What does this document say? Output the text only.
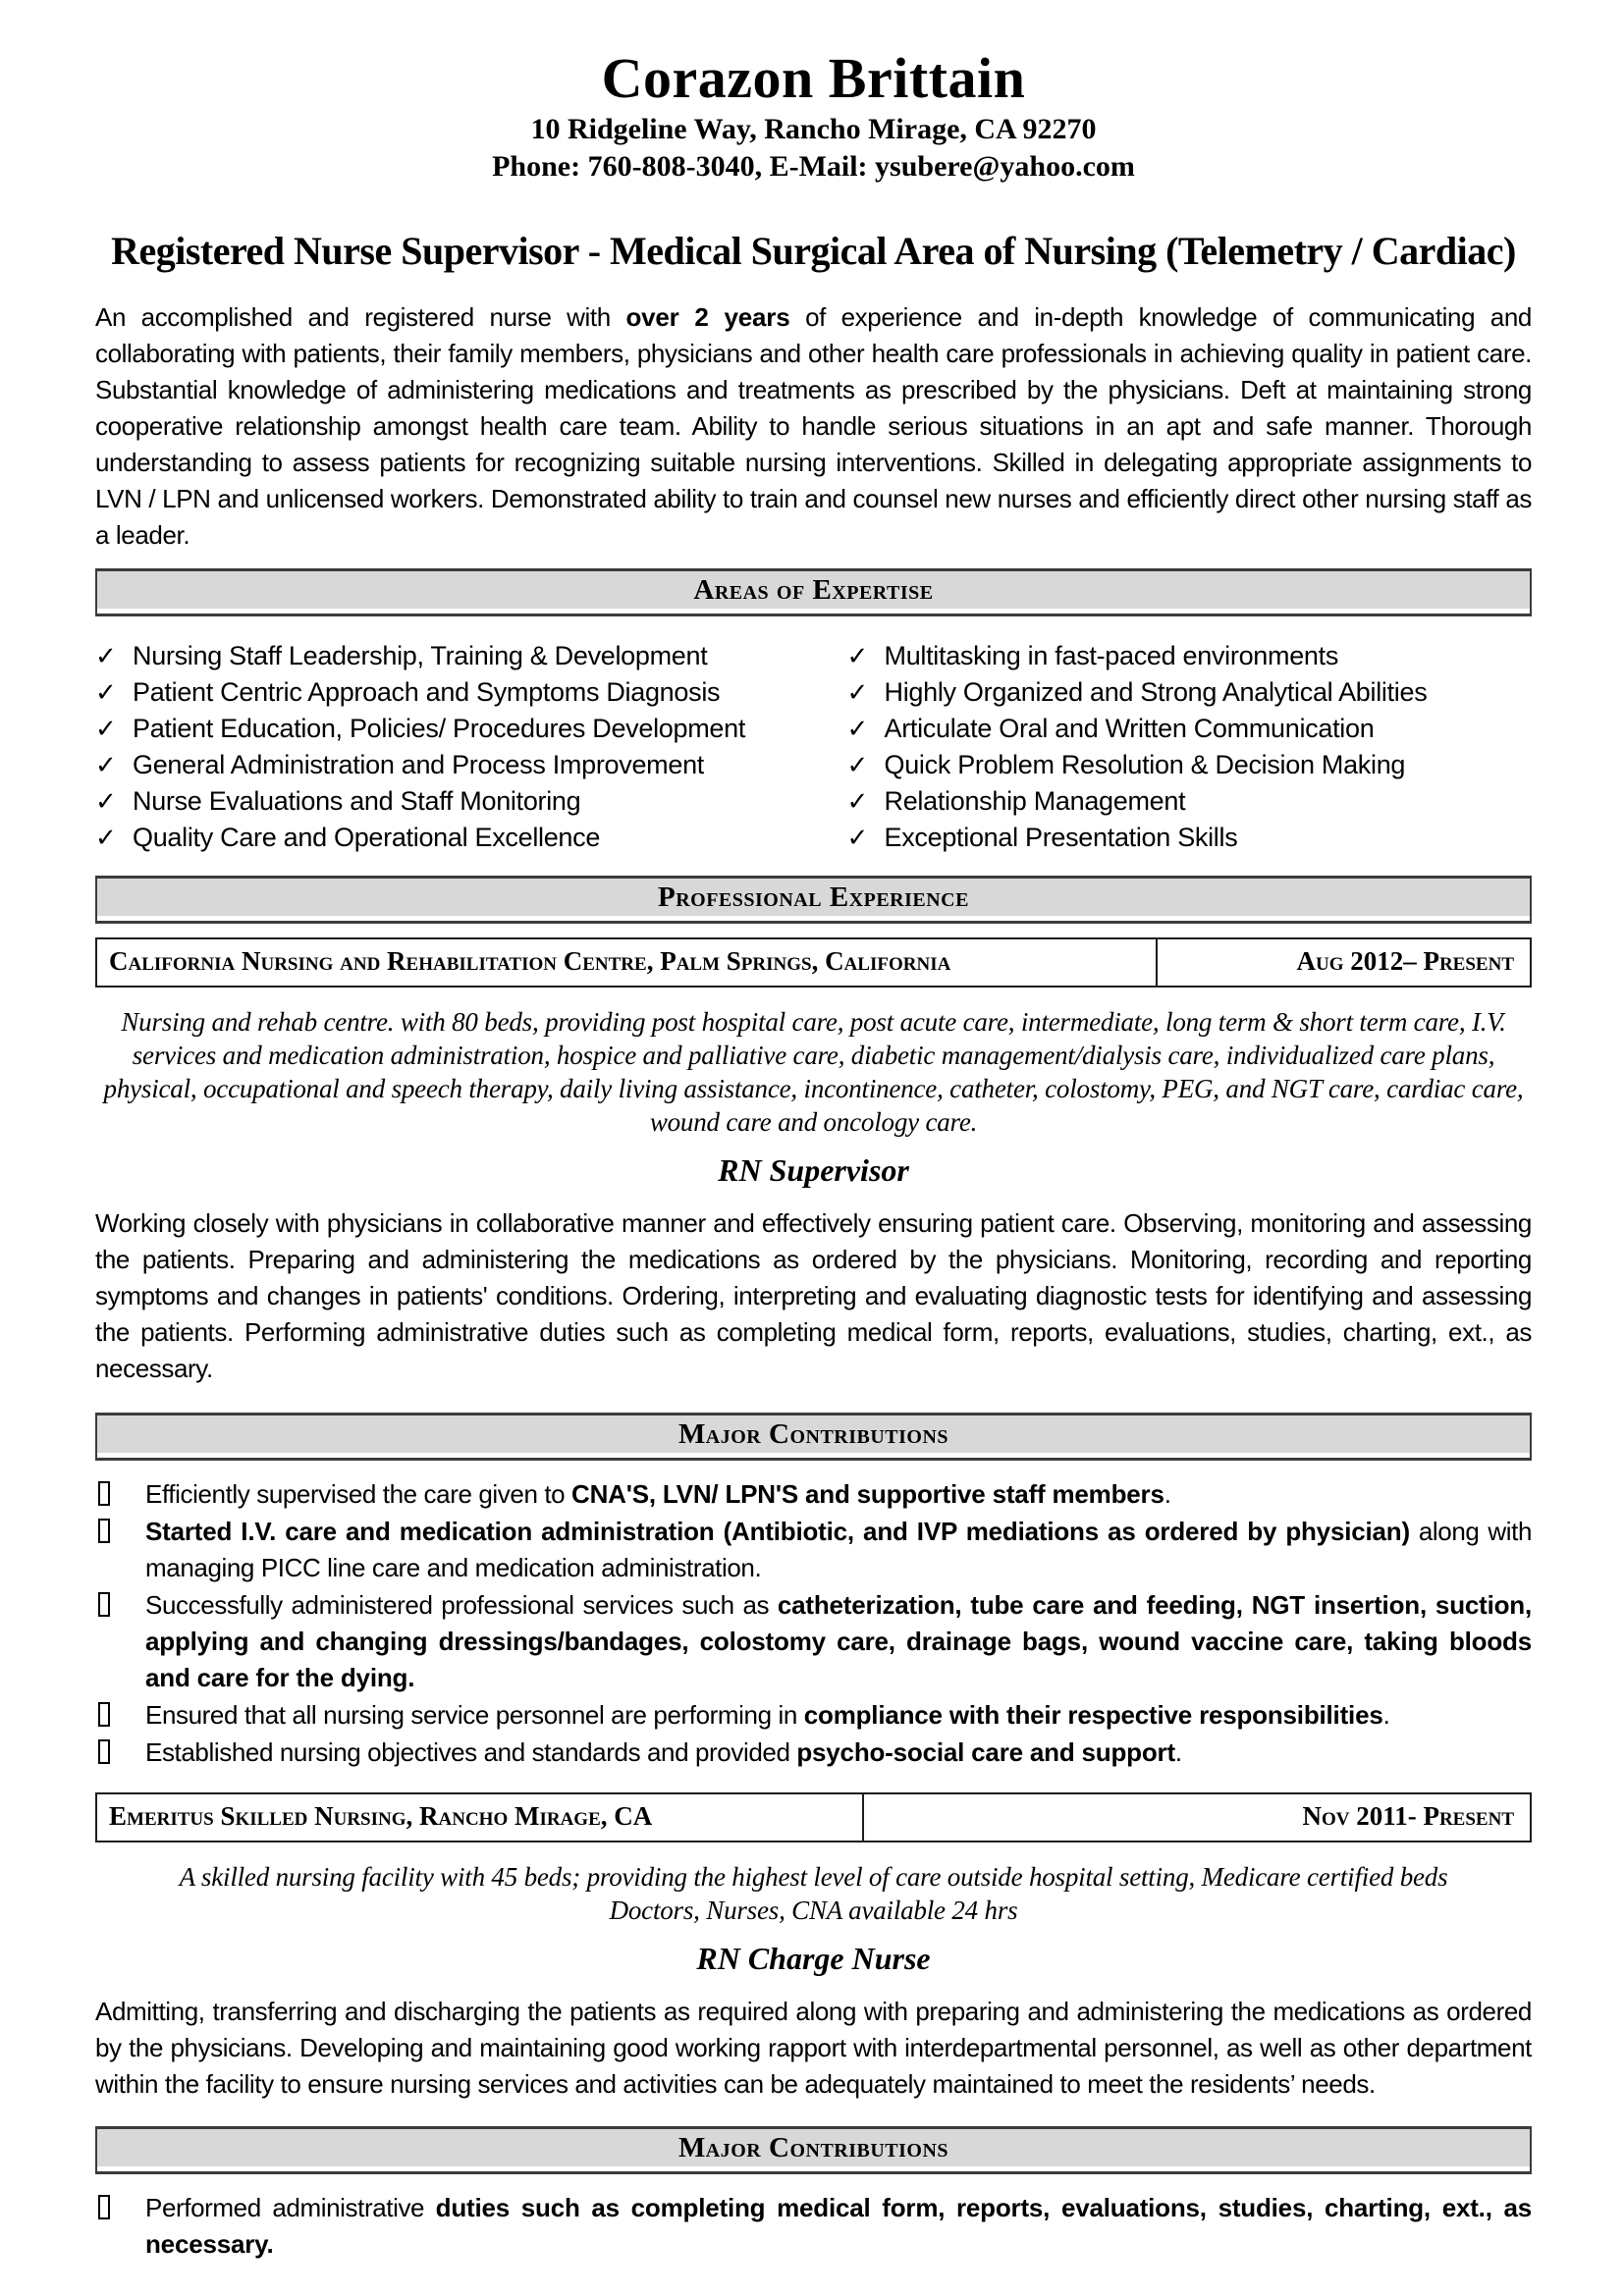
Corazon Brittain
10 Ridgeline Way, Rancho Mirage, CA 92270
Phone: 760-808-3040, E-Mail: ysubere@yahoo.com
Registered Nurse Supervisor - Medical Surgical Area of Nursing (Telemetry / Cardiac)

An accomplished and registered nurse with over 2 years of experience and in-depth knowledge of communicating and collaborating with patients, their family members, physicians and other health care professionals in achieving quality in patient care. Substantial knowledge of administering medications and treatments as prescribed by the physicians. Deft at maintaining strong cooperative relationship amongst health care team. Ability to handle serious situations in an apt and safe manner. Thorough understanding to assess patients for recognizing suitable nursing interventions. Skilled in delegating appropriate assignments to LVN / LPN and unlicensed workers. Demonstrated ability to train and counsel new nurses and efficiently direct other nursing staff as a leader.

Areas of Expertise
✓ Nursing Staff Leadership, Training & Development
✓ Patient Centric Approach and Symptoms Diagnosis
✓ Patient Education, Policies/ Procedures Development
✓ General Administration and Process Improvement
✓ Nurse Evaluations and Staff Monitoring
✓ Quality Care and Operational Excellence
✓ Multitasking in fast-paced environments
✓ Highly Organized and Strong Analytical Abilities
✓ Articulate Oral and Written Communication
✓ Quick Problem Resolution & Decision Making
✓ Relationship Management
✓ Exceptional Presentation Skills
Professional Experience
California Nursing and Rehabilitation Centre, Palm Springs, California	Aug 2012– Present

Nursing and rehab centre. with 80 beds, providing post hospital care, post acute care, intermediate, long term & short term care, I.V. services and medication administration, hospice and palliative care, diabetic management/dialysis care, individualized care plans, physical, occupational and speech therapy, daily living assistance, incontinence, catheter, colostomy, PEG, and NGT care, cardiac care, wound care and oncology care.

RN Supervisor

Working closely with physicians in collaborative manner and effectively ensuring patient care. Observing, monitoring and assessing the patients. Preparing and administering the medications as ordered by the physicians. Monitoring, recording and reporting symptoms and changes in patients' conditions. Ordering, interpreting and evaluating diagnostic tests for identifying and assessing the patients. Performing administrative duties such as completing medical form, reports, evaluations, studies, charting, ext., as necessary.

Major Contributions
Efficiently supervised the care given to CNA'S, LVN/ LPN'S and supportive staff members.
Started I.V. care and medication administration (Antibiotic, and IVP mediations as ordered by physician) along with managing PICC line care and medication administration.
Successfully administered professional services such as catheterization, tube care and feeding, NGT insertion, suction, applying and changing dressings/bandages, colostomy care, drainage bags, wound vaccine care, taking bloods and care for the dying.
Ensured that all nursing service personnel are performing in compliance with their respective responsibilities.
Established nursing objectives and standards and provided psycho-social care and support.
Emeritus Skilled Nursing, Rancho Mirage, CA	Nov 2011- Present

A skilled nursing facility with 45 beds; providing the highest level of care outside hospital setting, Medicare certified beds
Doctors, Nurses, CNA available 24 hrs

RN Charge Nurse

Admitting, transferring and discharging the patients as required along with preparing and administering the medications as ordered by the physicians. Developing and maintaining good working rapport with interdepartmental personnel, as well as other department within the facility to ensure nursing services and activities can be adequately maintained to meet the residents’ needs.

Major Contributions
Performed administrative duties such as completing medical form, reports, evaluations, studies, charting, ext., as necessary.
